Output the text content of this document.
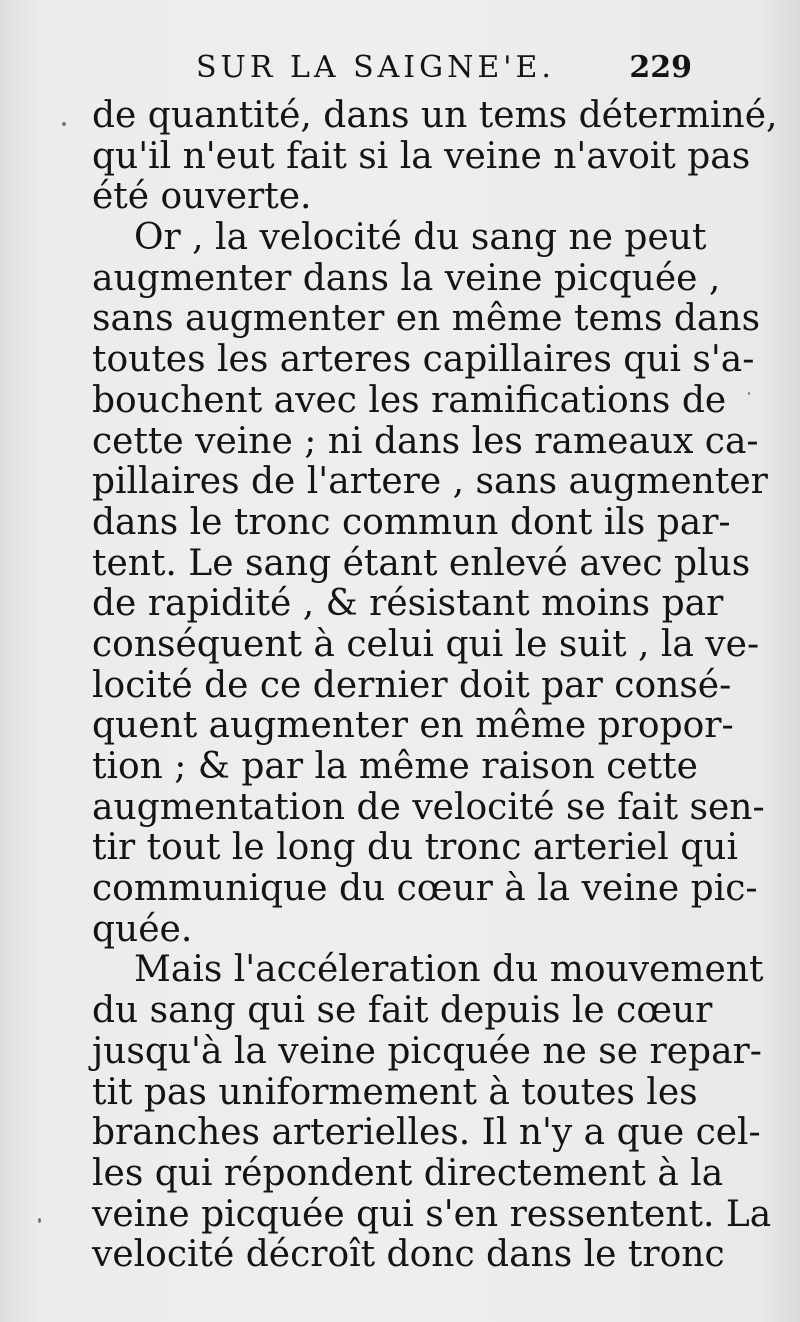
SUR LA SAIGNE'E. 229
de quantité, dans un tems déterminé,
qu'il n'eut fait si la veine n'avoit pas
été ouverte.
Or , la velocité du sang ne peut
augmenter dans la veine picquée ,
sans augmenter en même tems dans
toutes les arteres capillaires qui s'a-
bouchent avec les ramifications de
cette veine ; ni dans les rameaux ca-
pillaires de l'artere , sans augmenter
dans le tronc commun dont ils par-
tent. Le sang étant enlevé avec plus
de rapidité , & résistant moins par
conséquent à celui qui le suit , la ve-
locité de ce dernier doit par consé-
quent augmenter en même propor-
tion ; & par la même raison cette
augmentation de velocité se fait sen-
tir tout le long du tronc arteriel qui
communique du cœur à la veine pic-
quée.
Mais l'accéleration du mouvement
du sang qui se fait depuis le cœur
jusqu'à la veine picquée ne se repar-
tit pas uniformement à toutes les
branches arterielles. Il n'y a que cel-
les qui répondent directement à la
veine picquée qui s'en ressentent. La
velocité décroît donc dans le tronc
